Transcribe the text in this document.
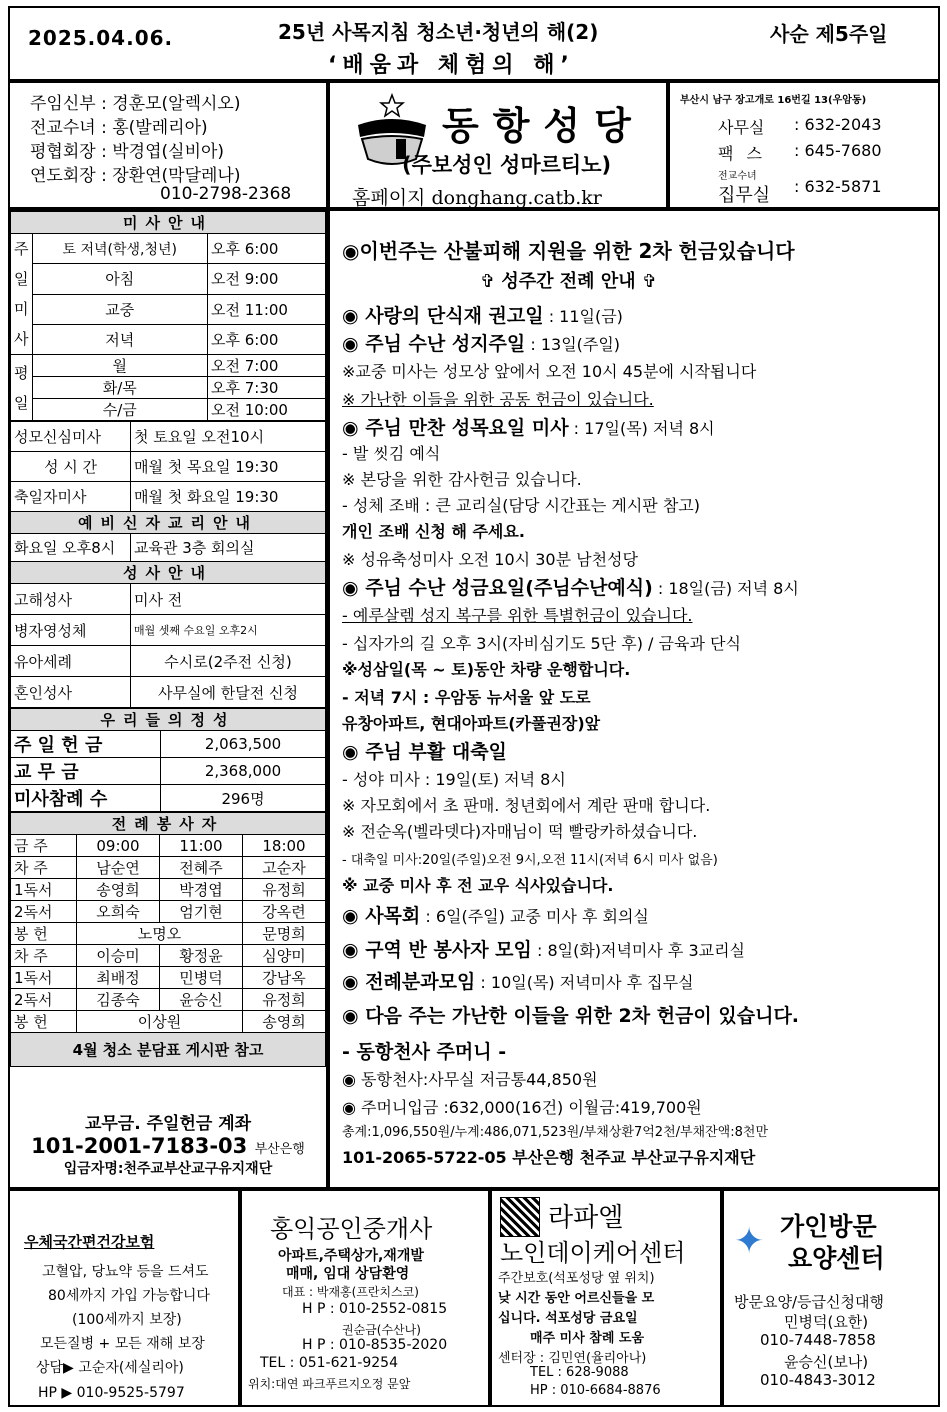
2025.04.06.	25년 사목지침 청소년·청년의 해(2)
‘배움과 체험의 해’
사순 제5주일
주임신부 : 경훈모(알렉시오)
전교수녀 : 홍(발레리아)
평협회장 : 박경엽(실비아)
연도회장 : 장환연(막달레나)
010-2798-2368
동항성당
(주보성인 성마르티노)
홈페이지 donghang.catb.kr
부산시 남구 장고개로 16번길 13(우암동)
사무실 : 632-2043
팩 스 : 645-7680
전교수녀
집무실 : 632-5871
미사안내		
주
일
미
사	토 저녁(학생,청년)	오후 6:00
	아침	오전 9:00
	교중	오전 11:00
	저녁	오후 6:00
평
일	월	오전 7:00
	화/목	오후 7:30
	수/금	오전 10:00
성모신심미사	첫 토요일 오전10시
성 시 간	매월 첫 목요일 19:30
축일자미사	매월 첫 화요일 19:30
예비신자교리안내	
화요일 오후8시	교육관 3층 회의실
성사안내	
고해성사	미사 전
병자영성체	매월 셋째 수요일 오후2시
유아세례	수시로(2주전 신청)
혼인성사	사무실에 한달전 신청
우리들의정성	
주 일 헌 금	2,063,500
교 무 금	2,368,000
미사참례 수	296명
전례봉사자			
금 주	09:00	11:00	18:00
차 주	남순연	전혜주	고순자
1독서	송영희	박경엽	유정희
2독서	오희숙	엄기현	강옥련
봉 헌	노명오		문명희
차 주	이승미	황정윤	심양미
1독서	최배정	민병덕	강남옥
2독서	김종숙	윤승신	유정희
봉 헌	이상원		송영희
4월 청소 분담표 게시판 참고			
교무금. 주일헌금 계좌
101-2001-7183-03 부산은행
입금자명:천주교부산교구유지재단
◉이번주는 산불피해 지원을 위한 2차 헌금있습니다
✞ 성주간 전례 안내 ✞
◉ 사랑의 단식재 권고일 : 11일(금)
◉ 주님 수난 성지주일 : 13일(주일)
※교중 미사는 성모상 앞에서 오전 10시 45분에 시작됩니다
※ 가난한 이들을 위한 공동 헌금이 있습니다.
◉ 주님 만찬 성목요일 미사 : 17일(목) 저녁 8시
- 발 씻김 예식
※ 본당을 위한 감사헌금 있습니다.
- 성체 조배 : 큰 교리실(담당 시간표는 게시판 참고)
개인 조배 신청 해 주세요.
※ 성유축성미사 오전 10시 30분 남천성당
◉ 주님 수난 성금요일(주님수난예식) : 18일(금) 저녁 8시
- 예루살렘 성지 복구를 위한 특별헌금이 있습니다.
- 십자가의 길 오후 3시(자비심기도 5단 후) / 금육과 단식
※성삼일(목 ~ 토)동안 차량 운행합니다.
- 저녁 7시 : 우암동 뉴서울 앞 도로
유창아파트, 현대아파트(카풀권장)앞
◉ 주님 부활 대축일
- 성야 미사 : 19일(토) 저녁 8시
※ 자모회에서 초 판매. 청년회에서 계란 판매 합니다.
※ 전순옥(벨라뎃다)자매님이 떡 빨랑카하셨습니다.
- 대축일 미사:20일(주일)오전 9시,오전 11시(저녁 6시 미사 없음)
※ 교중 미사 후 전 교우 식사있습니다.
◉ 사목회 : 6일(주일) 교중 미사 후 회의실
◉ 구역 반 봉사자 모임 : 8일(화)저녁미사 후 3교리실
◉ 전례분과모임 : 10일(목) 저녁미사 후 집무실
◉ 다음 주는 가난한 이들을 위한 2차 헌금이 있습니다.
- 동항천사 주머니 -
◉ 동항천사:사무실 저금통44,850원
◉ 주머니입금 :632,000(16건) 이월금:419,700원
총계:1,096,550원/누계:486,071,523원/부채상환7억2천/부채잔액:8천만
101-2065-5722-05 부산은행 천주교 부산교구유지재단
우체국간편건강보험
고혈압, 당뇨약 등을 드셔도
80세까지 가입 가능합니다
(100세까지 보장)
모든질병 + 모든 재해 보장
상담▶ 고순자(세실리아)
HP ▶ 010-9525-5797
홍익공인중개사
아파트,주택상가,재개발
매매, 임대 상담환영
대표 : 박재홍(프란치스코)
H P : 010-2552-0815
권순금(수산나)
H P : 010-8535-2020
TEL : 051-621-9254
위치:대연 파크푸르지오정 문앞
라파엘
노인데이케어센터
주간보호(석포성당 옆 위치)
낮 시간 동안 어르신들을 모
십니다. 석포성당 금요일
매주 미사 참례 도움
센터장 : 김민연(율리아나)
TEL : 628-9088
HP : 010-6684-8876
✦ 가인방문
요양센터
방문요양/등급신청대행
민병덕(요한)
010-7448-7858
윤승신(보나)
010-4843-3012
